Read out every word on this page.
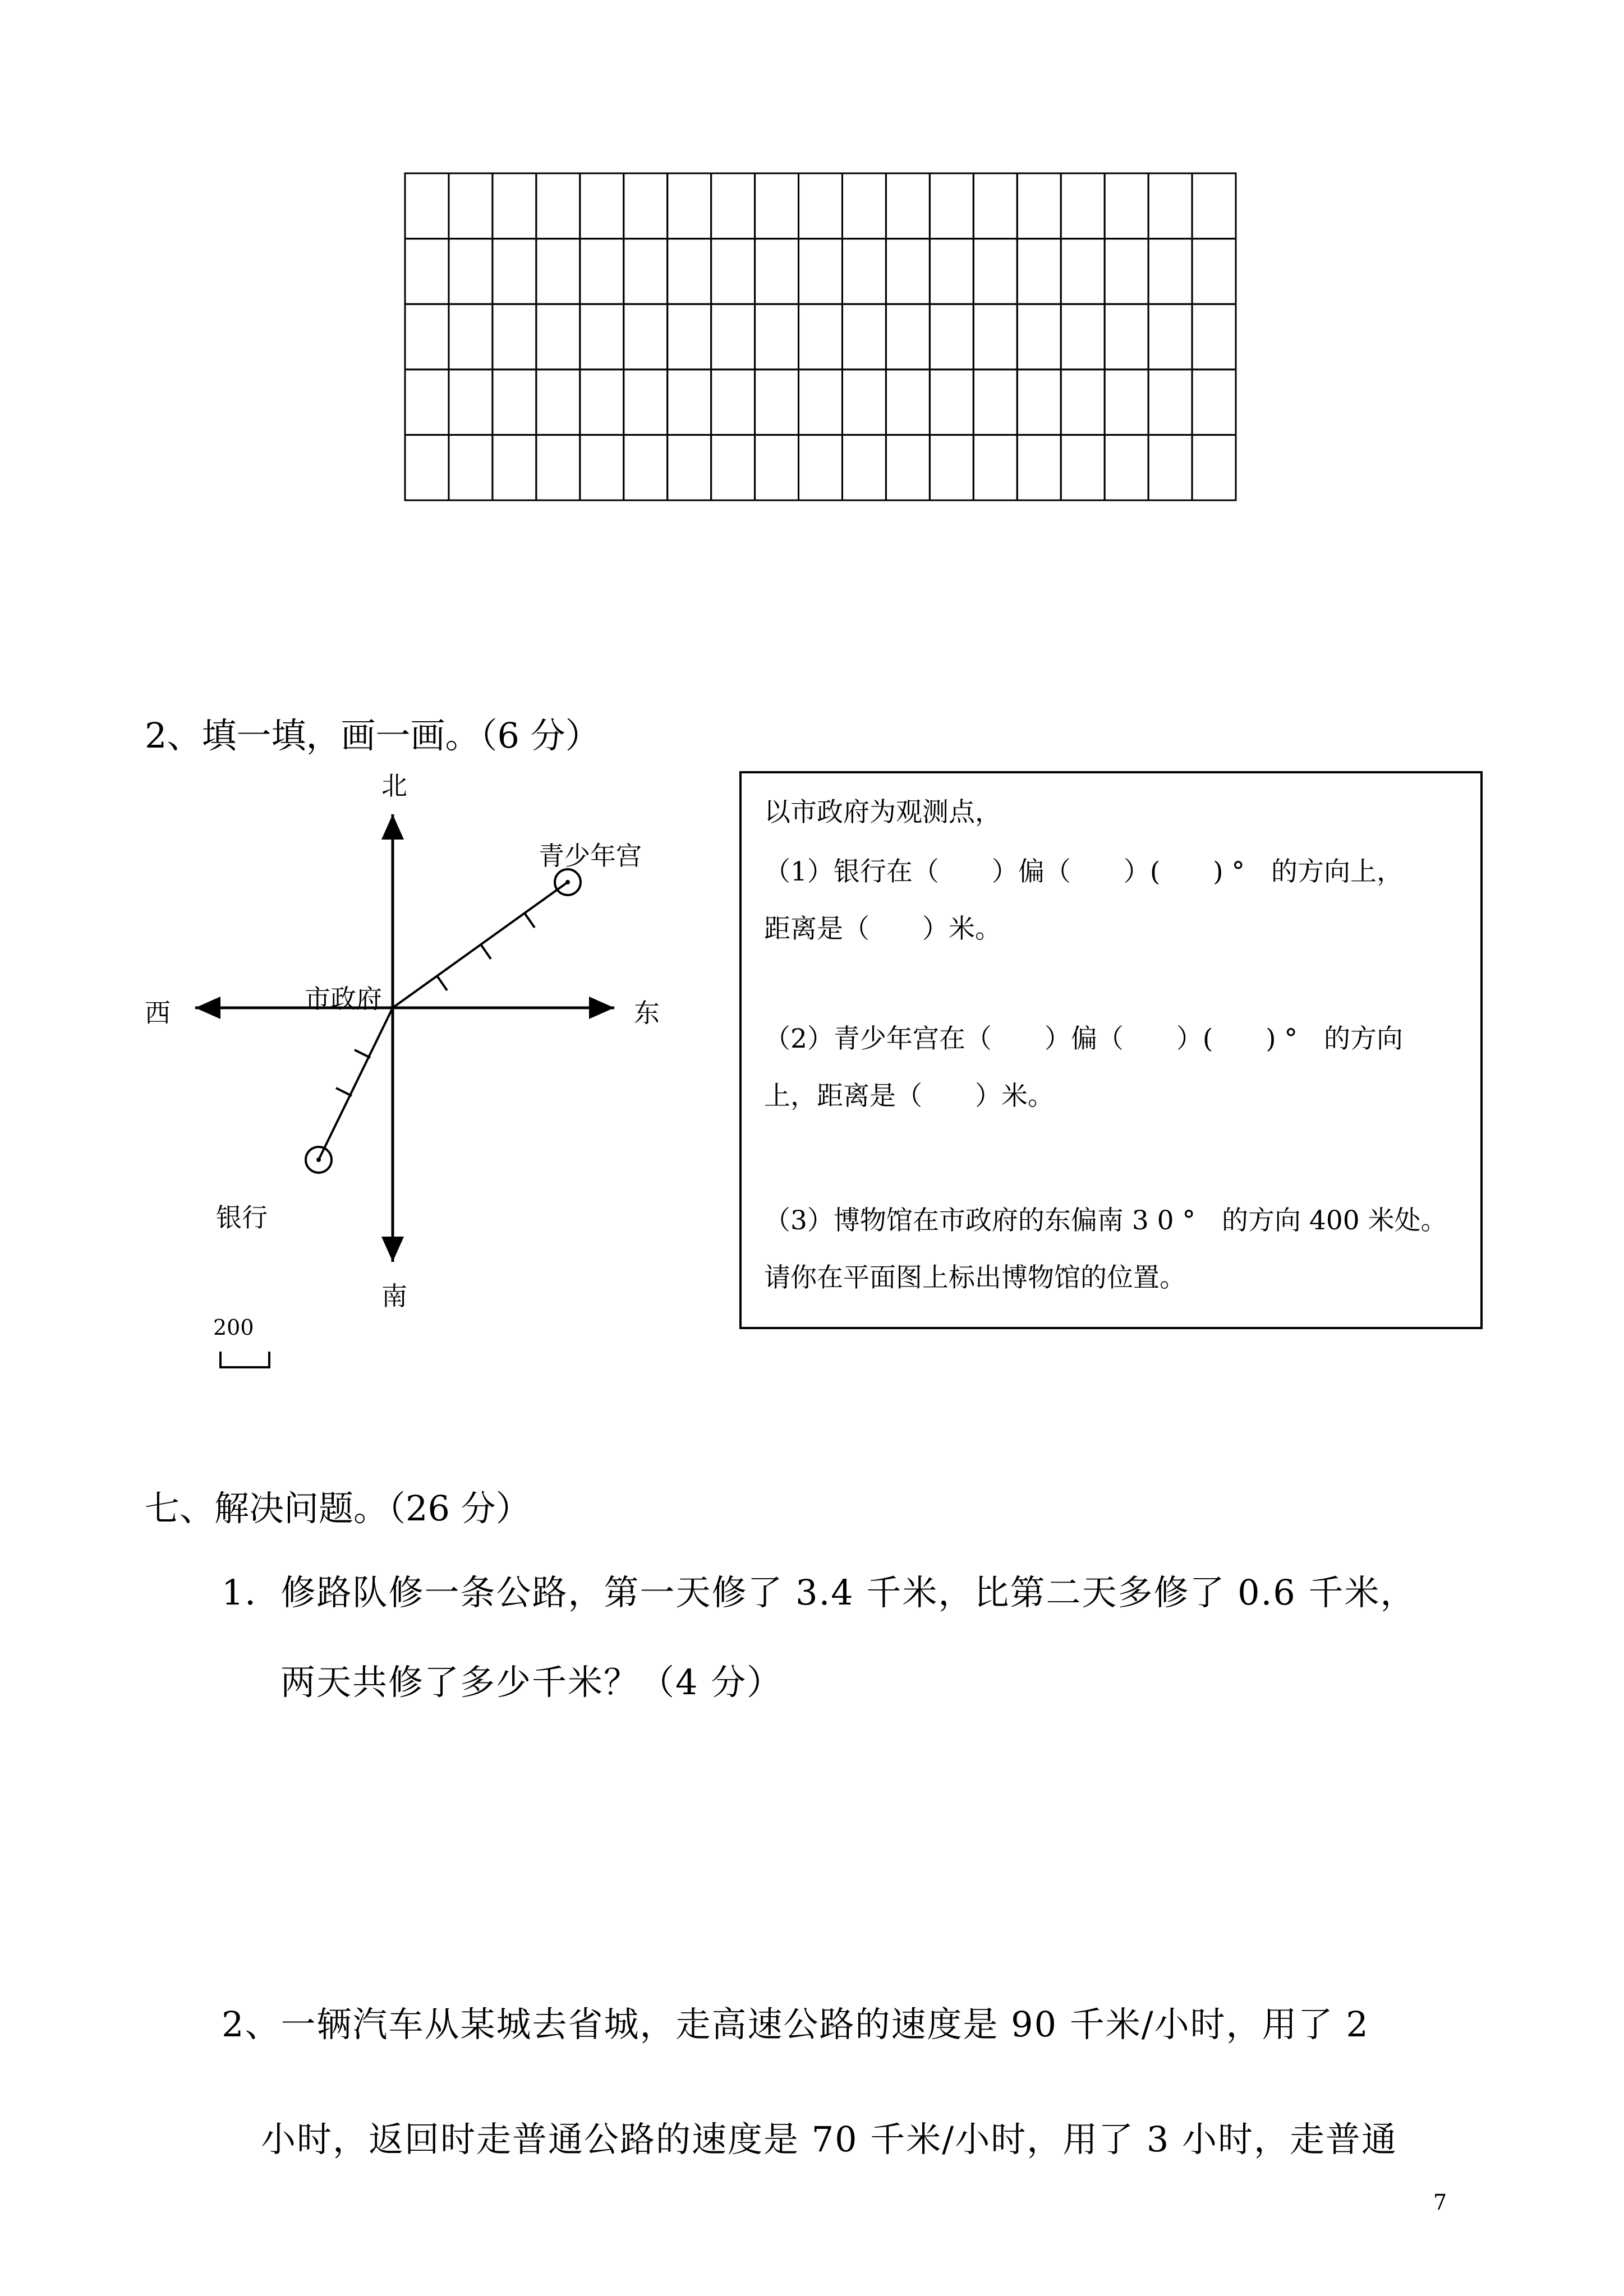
2、填一填，画一画。（6 分）
北
南
东
西	市政府
青少年宫
银行
200
以市政府为观测点，
（1）银行在（　　）偏（　　）(　　) °　的方向上，
距离是（　　）米。
（2）青少年宫在（　　）偏（　　）(　　) °　的方向
上，距离是（　　）米。
（3）博物馆在市政府的东偏南 3 0 °　的方向 400 米处。
请你在平面图上标出博物馆的位置。
七、解决问题。（26 分）
1．修路队修一条公路，第一天修了 3.4 千米，比第二天多修了 0.6 千米，
两天共修了多少千米？（4 分）
2、一辆汽车从某城去省城，走高速公路的速度是 90 千米/小时，用了 2
小时，返回时走普通公路的速度是 70 千米/小时，用了 3 小时，走普通
7
